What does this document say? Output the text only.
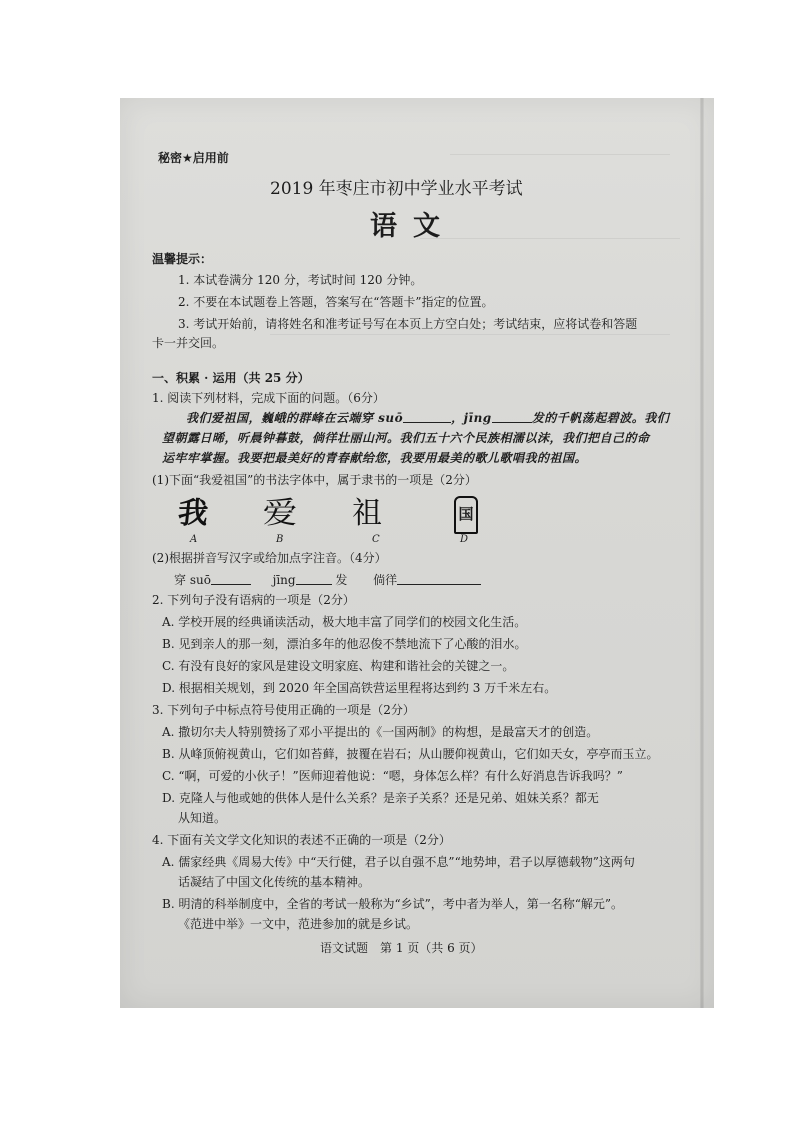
秘密★启用前
2019 年枣庄市初中学业水平考试
语文
温馨提示：
1. 本试卷满分 120 分，考试时间 120 分钟。
2. 不要在本试题卷上答题，答案写在“答题卡”指定的位置。
3. 考试开始前，请将姓名和准考证号写在本页上方空白处；考试结束，应将试卷和答题
卡一并交回。
一、积累 · 运用（共 25 分）
1. 阅读下列材料，完成下面的问题。（6分）
我们爱祖国，巍峨的群峰在云端穿 suō	，jīng	发的千帆荡起碧波。我们
望朝露日晞，听晨钟暮鼓，倘徉壮丽山河。我们五十六个民族相濡以沫，我们把自己的命
运牢牢掌握。我要把最美好的青春献给您，我要用最美的歌儿歌唱我的祖国。
(1)下面“我爱祖国”的书法字体中，属于隶书的一项是（2分）
我 爱 祖	国
A	B	C	D
(2)根据拼音写汉字或给加点字注音。（4分）
穿 suō	jīng	发 倘徉
2. 下列句子没有语病的一项是（2分）
A. 学校开展的经典诵读活动，极大地丰富了同学们的校园文化生活。
B. 见到亲人的那一刻，漂泊多年的他忍俊不禁地流下了心酸的泪水。
C. 有没有良好的家风是建设文明家庭、构建和谐社会的关键之一。
D. 根据相关规划，到 2020 年全国高铁营运里程将达到约 3 万千米左右。
3. 下列句子中标点符号使用正确的一项是（2分）
A. 撒切尔夫人特别赞扬了邓小平提出的《一国两制》的构想，是最富天才的创造。
B. 从峰顶俯视黄山，它们如苔藓，披覆在岩石；从山腰仰视黄山，它们如天女，亭亭而玉立。
C. “啊，可爱的小伙子！”医师迎着他说：“嗯，身体怎么样？有什么好消息告诉我吗？”
D. 克隆人与他或她的供体人是什么关系？是亲子关系？还是兄弟、姐妹关系？都无
从知道。
4. 下面有关文学文化知识的表述不正确的一项是（2分）
A. 儒家经典《周易大传》中“天行健，君子以自强不息”“地势坤，君子以厚德载物”这两句
话凝结了中国文化传统的基本精神。
B. 明清的科举制度中，全省的考试一般称为“乡试”，考中者为举人，第一名称“解元”。
《范进中举》一文中，范进参加的就是乡试。
语文试题　第 1 页（共 6 页）
